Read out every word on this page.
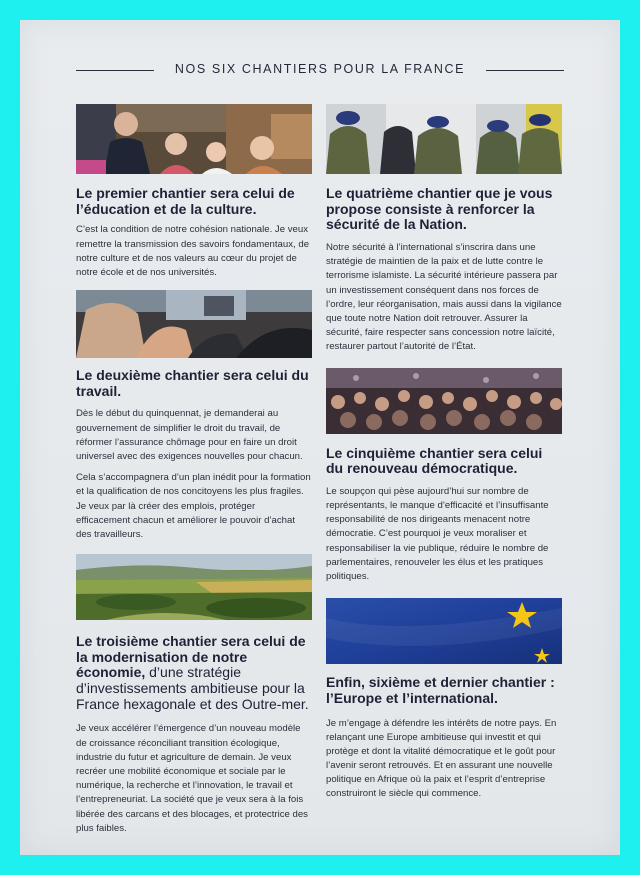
NOS SIX CHANTIERS POUR LA FRANCE
Le premier chantier sera celui de l’éducation et de la culture.

C’est la condition de notre cohésion nationale. Je veux remettre la transmission des savoirs fondamentaux, de notre culture et de nos valeurs au cœur du projet de notre école et de nos universités.

Le deuxième chantier sera celui du travail.

Dès le début du quinquennat, je demanderai au gouvernement de simplifier le droit du travail, de réformer l’assurance chômage pour en faire un droit universel avec des exigences nouvelles pour chacun.

Cela s’accompagnera d’un plan inédit pour la formation et la qualification de nos concitoyens les plus fragiles. Je veux par là créer des emplois, protéger efficacement chacun et améliorer le pouvoir d’achat des travailleurs.

Le troisième chantier sera celui de la modernisation de notre économie, d’une stratégie d’investissements ambitieuse pour la France hexagonale et des Outre-mer.

Je veux accélérer l’émergence d’un nouveau modèle de croissance réconciliant transition écologique, industrie du futur et agriculture de demain. Je veux recréer une mobilité économique et sociale par le numérique, la recherche et l’innovation, le travail et l’entrepreneuriat. La société que je veux sera à la fois libérée des carcans et des blocages, et protectrice des plus faibles.

Le quatrième chantier que je vous propose consiste à renforcer la sécurité de la Nation.

Notre sécurité à l’international s’inscrira dans une stratégie de maintien de la paix et de lutte contre le terrorisme islamiste. La sécurité intérieure passera par un investissement conséquent dans nos forces de l’ordre, leur réorganisation, mais aussi dans la vigilance que toute notre Nation doit retrouver. Assurer la sécurité, faire respecter sans concession notre laïcité, restaurer partout l’autorité de l’État.

Le cinquième chantier sera celui du renouveau démocratique.

Le soupçon qui pèse aujourd’hui sur nombre de représentants, le manque d’efficacité et l’insuffisante responsabilité de nos dirigeants menacent notre démocratie. C’est pourquoi je veux moraliser et responsabiliser la vie publique, réduire le nombre de parlementaires, renouveler les élus et les pratiques politiques.

Enfin, sixième et dernier chantier : l’Europe et l’international.

Je m’engage à défendre les intérêts de notre pays. En relançant une Europe ambitieuse qui investit et qui protège et dont la vitalité démocratique et le goût pour l’avenir seront retrouvés. Et en assurant une nouvelle politique en Afrique où la paix et l’esprit d’entreprise construiront le siècle qui commence.
